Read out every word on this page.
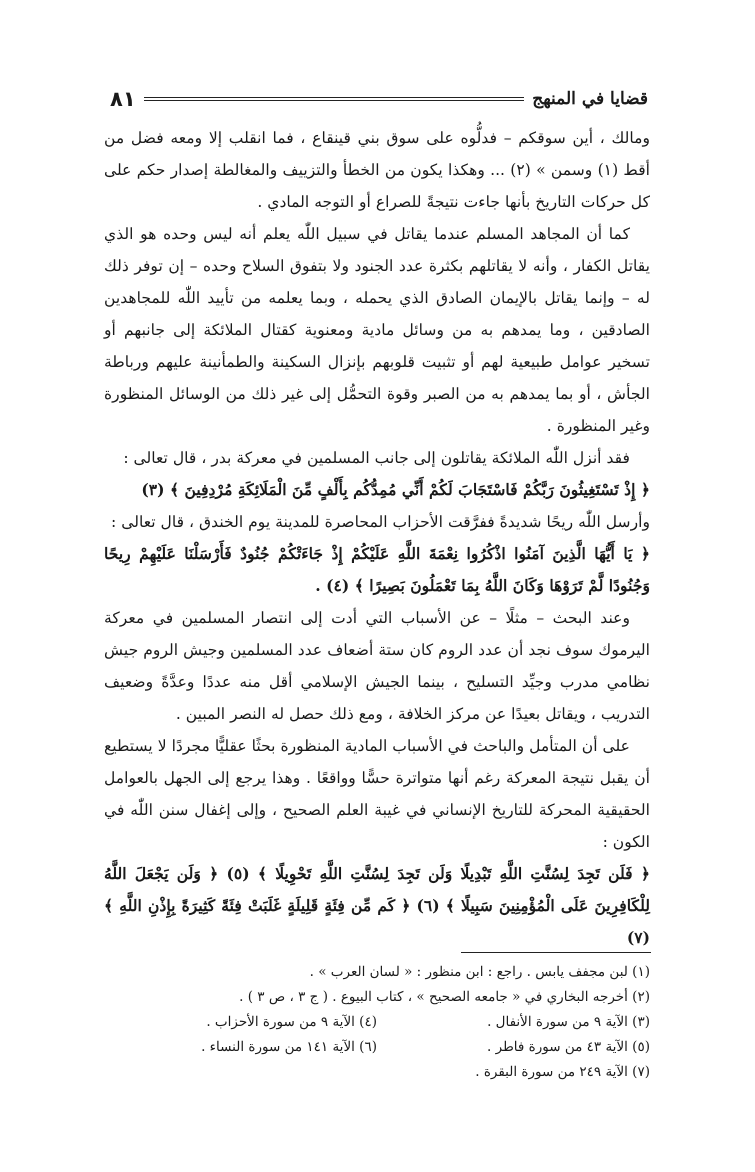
قضايا في المنهج
٨١

ومالك ، أين سوقكم – فدلُّوه على سوق بني قينقاع ، فما انقلب إلا ومعه فضل من أقط (١) وسمن » (٢) ... وهكذا يكون من الخطأ والتزييف والمغالطة إصدار حكم على كل حركات التاريخ بأنها جاءت نتيجةً للصراع أو التوجه المادي .

كما أن المجاهد المسلم عندما يقاتل في سبيل اللّٰه يعلم أنه ليس وحده هو الذي يقاتل الكفار ، وأنه لا يقاتلهم بكثرة عدد الجنود ولا بتفوق السلاح وحده – إن توفر ذلك له – وإنما يقاتل بالإيمان الصادق الذي يحمله ، وبما يعلمه من تأييد اللّٰه للمجاهدين الصادقين ، وما يمدهم به من وسائل مادية ومعنوية كقتال الملائكة إلى جانبهم أو تسخير عوامل طبيعية لهم أو تثبيت قلوبهم بإنزال السكينة والطمأنينة عليهم ورباطة الجأش ، أو بما يمدهم به من الصبر وقوة التحمُّل إلى غير ذلك من الوسائل المنظورة وغير المنظورة .

فقد أنزل اللّٰه الملائكة يقاتلون إلى جانب المسلمين في معركة بدر ، قال تعالى :

﴿ إِذْ تَسْتَغِيثُونَ رَبَّكُمْ فَاسْتَجَابَ لَكُمْ أَنِّي مُمِدُّكُم بِأَلْفٍ مِّنَ الْمَلَائِكَةِ مُرْدِفِينَ ﴾ (٣)

وأرسل اللّٰه ريحًا شديدةً ففرَّقت الأحزاب المحاصرة للمدينة يوم الخندق ، قال تعالى :

﴿ يَا أَيُّهَا الَّذِينَ آمَنُوا اذْكُرُوا نِعْمَةَ اللَّهِ عَلَيْكُمْ إِذْ جَاءَتْكُمْ جُنُودٌ فَأَرْسَلْنَا عَلَيْهِمْ رِيحًا وَجُنُودًا لَّمْ تَرَوْهَا وَكَانَ اللَّهُ بِمَا تَعْمَلُونَ بَصِيرًا ﴾ (٤) .

وعند البحث – مثلًا – عن الأسباب التي أدت إلى انتصار المسلمين في معركة اليرموك سوف نجد أن عدد الروم كان ستة أضعاف عدد المسلمين وجيش الروم جيش نظامي مدرب وجيِّد التسليح ، بينما الجيش الإسلامي أقل منه عددًا وعدَّةً وضعيف التدريب ، ويقاتل بعيدًا عن مركز الخلافة ، ومع ذلك حصل له النصر المبين .

على أن المتأمل والباحث في الأسباب المادية المنظورة بحثًا عقليًّا مجردًا لا يستطيع أن يقبل نتيجة المعركة رغم أنها متواترة حسًّا وواقعًا . وهذا يرجع إلى الجهل بالعوامل الحقيقية المحركة للتاريخ الإنساني في غيبة العلم الصحيح ، وإلى إغفال سنن اللّٰه في الكون :

﴿ فَلَن تَجِدَ لِسُنَّتِ اللَّهِ تَبْدِيلًا وَلَن تَجِدَ لِسُنَّتِ اللَّهِ تَحْوِيلًا ﴾ (٥) ﴿ وَلَن يَجْعَلَ اللَّهُ لِلْكَافِرِينَ عَلَى الْمُؤْمِنِينَ سَبِيلًا ﴾ (٦) ﴿ كَم مِّن فِئَةٍ قَلِيلَةٍ غَلَبَتْ فِئَةً كَثِيرَةً بِإِذْنِ اللَّهِ ﴾ (٧)

(١) لبن مجفف يابس . راجع : ابن منظور : « لسان العرب » .
(٢) أخرجه البخاري في « جامعه الصحيح » ، كتاب البيوع . ( ج ٣ ، ص ٣ ) .
(٣) الآية ٩ من سورة الأنفال .
(٤) الآية ٩ من سورة الأحزاب .
(٥) الآية ٤٣ من سورة فاطر .
(٦) الآية ١٤١ من سورة النساء .
(٧) الآية ٢٤٩ من سورة البقرة .
